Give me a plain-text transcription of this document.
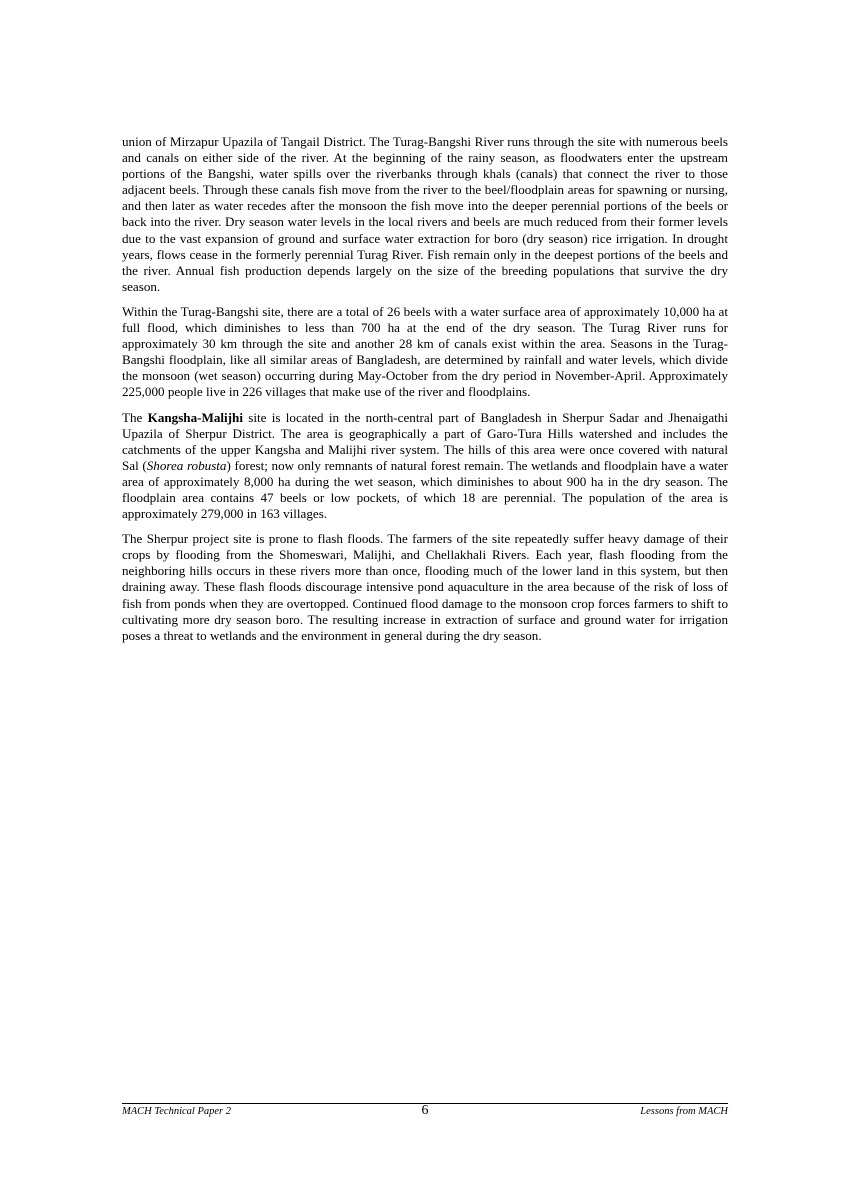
union of Mirzapur Upazila of Tangail District. The Turag-Bangshi River runs through the site with numerous beels and canals on either side of the river. At the beginning of the rainy season, as floodwaters enter the upstream portions of the Bangshi, water spills over the riverbanks through khals (canals) that connect the river to those adjacent beels. Through these canals fish move from the river to the beel/floodplain areas for spawning or nursing, and then later as water recedes after the monsoon the fish move into the deeper perennial portions of the beels or back into the river. Dry season water levels in the local rivers and beels are much reduced from their former levels due to the vast expansion of ground and surface water extraction for boro (dry season) rice irrigation. In drought years, flows cease in the formerly perennial Turag River. Fish remain only in the deepest portions of the beels and the river. Annual fish production depends largely on the size of the breeding populations that survive the dry season.

Within the Turag-Bangshi site, there are a total of 26 beels with a water surface area of approximately 10,000 ha at full flood, which diminishes to less than 700 ha at the end of the dry season. The Turag River runs for approximately 30 km through the site and another 28 km of canals exist within the area. Seasons in the Turag-Bangshi floodplain, like all similar areas of Bangladesh, are determined by rainfall and water levels, which divide the monsoon (wet season) occurring during May-October from the dry period in November-April. Approximately 225,000 people live in 226 villages that make use of the river and floodplains.

The Kangsha-Malijhi site is located in the north-central part of Bangladesh in Sherpur Sadar and Jhenaigathi Upazila of Sherpur District. The area is geographically a part of Garo-Tura Hills watershed and includes the catchments of the upper Kangsha and Malijhi river system. The hills of this area were once covered with natural Sal (Shorea robusta) forest; now only remnants of natural forest remain. The wetlands and floodplain have a water area of approximately 8,000 ha during the wet season, which diminishes to about 900 ha in the dry season. The floodplain area contains 47 beels or low pockets, of which 18 are perennial. The population of the area is approximately 279,000 in 163 villages.

The Sherpur project site is prone to flash floods. The farmers of the site repeatedly suffer heavy damage of their crops by flooding from the Shomeswari, Malijhi, and Chellakhali Rivers. Each year, flash flooding from the neighboring hills occurs in these rivers more than once, flooding much of the lower land in this system, but then draining away. These flash floods discourage intensive pond aquaculture in the area because of the risk of loss of fish from ponds when they are overtopped. Continued flood damage to the monsoon crop forces farmers to shift to cultivating more dry season boro. The resulting increase in extraction of surface and ground water for irrigation poses a threat to wetlands and the environment in general during the dry season.

MACH Technical Paper 2	6	Lessons from MACH
